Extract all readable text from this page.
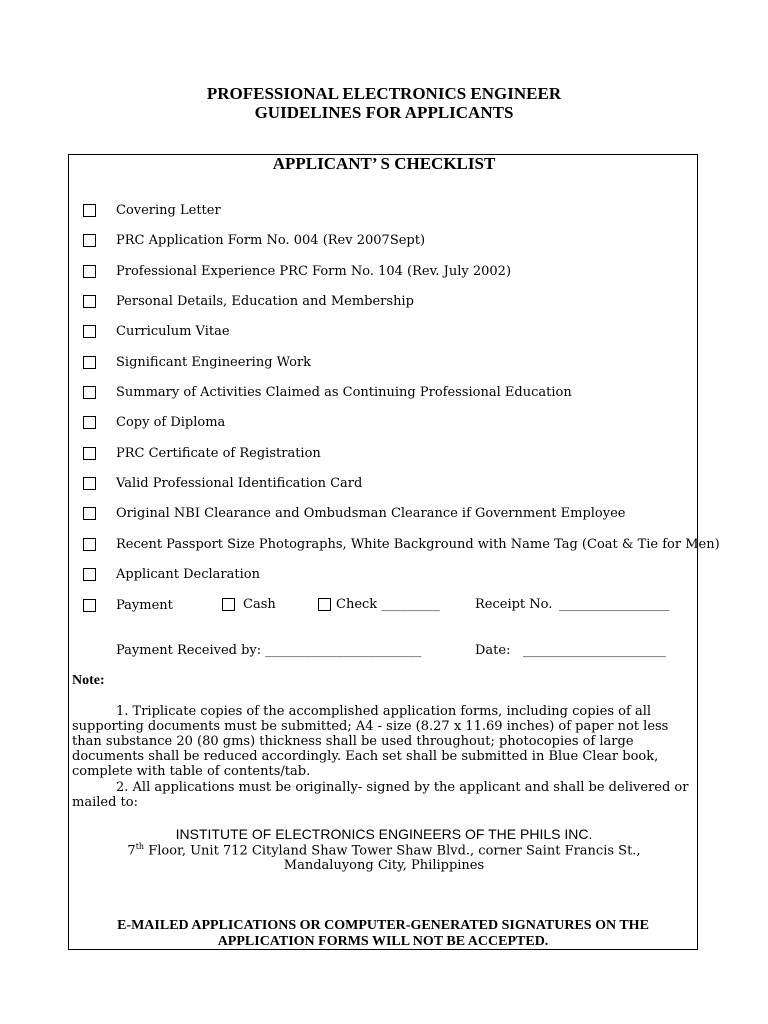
PROFESSIONAL ELECTRONICS ENGINEER
GUIDELINES FOR APPLICANTS
APPLICANT’ S CHECKLIST
Covering Letter
PRC Application Form No. 004 (Rev 2007Sept)
Professional Experience PRC Form No. 104 (Rev. July 2002)
Personal Details, Education and Membership
Curriculum Vitae
Significant Engineering Work
Summary of Activities Claimed as Continuing Professional Education
Copy of Diploma
PRC Certificate of Registration
Valid Professional Identification Card
Original NBI Clearance and Ombudsman Clearance if Government Employee
Recent Passport Size Photographs, White Background with Name Tag (Coat & Tie for Men)
Applicant Declaration
Payment	Cash	Check _________	Receipt No. _________________
Payment Received by: ________________________	Date: ______________________
Note:
1. Triplicate copies of the accomplished application forms, including copies of all supporting documents must be submitted; A4 - size (8.27 x 11.69 inches) of paper not less than substance 20 (80 gms) thickness shall be used throughout; photocopies of large documents shall be reduced accordingly. Each set shall be submitted in Blue Clear book, complete with table of contents/tab.
2. All applications must be originally- signed by the applicant and shall be delivered or mailed to:
INSTITUTE OF ELECTRONICS ENGINEERS OF THE PHILS INC.
7th Floor, Unit 712 Cityland Shaw Tower Shaw Blvd., corner Saint Francis St.,
Mandaluyong City, Philippines
E-MAILED APPLICATIONS OR COMPUTER-GENERATED SIGNATURES ON THE
APPLICATION FORMS WILL NOT BE ACCEPTED.
